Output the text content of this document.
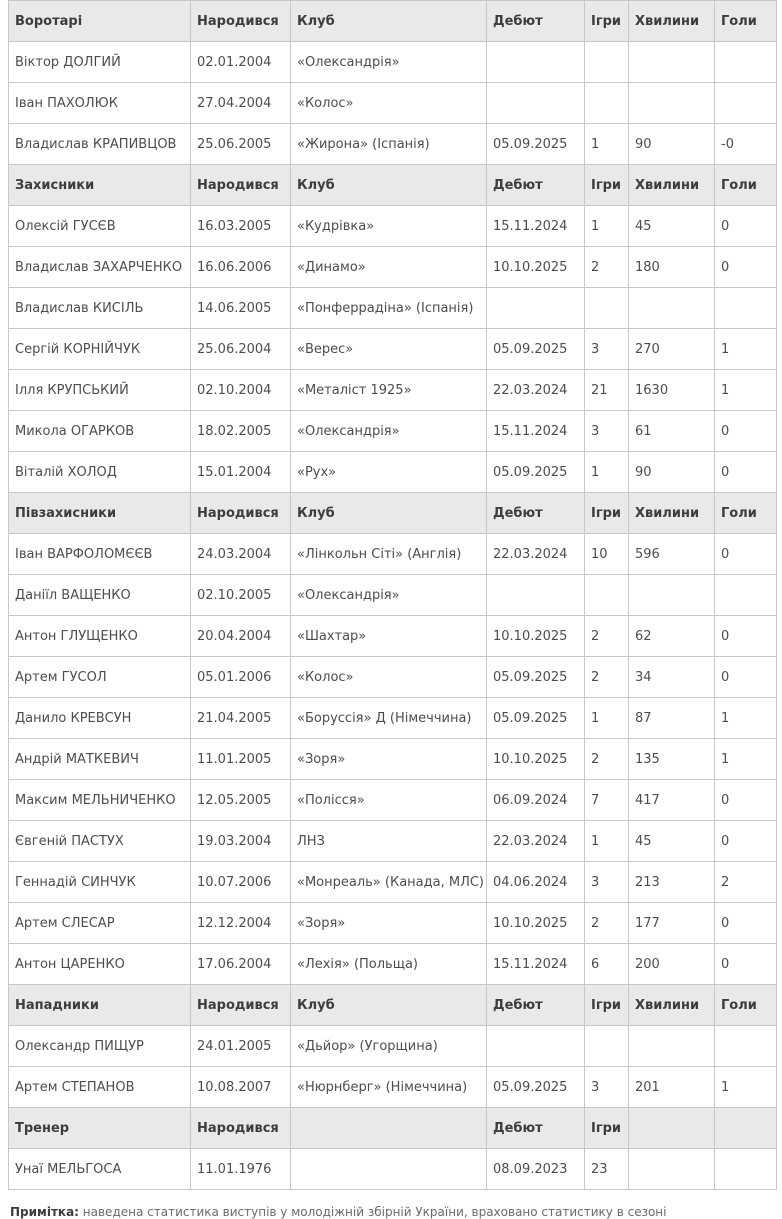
Воротарі	Народився	Клуб	Дебют	Ігри	Хвилини	Голи
Віктор ДОЛГИЙ	02.01.2004	«Олександрія»				
Іван ПАХОЛЮК	27.04.2004	«Колос»				
Владислав КРАПИВЦОВ	25.06.2005	«Жирона» (Іспанія)	05.09.2025	1	90	-0
Захисники	Народився	Клуб	Дебют	Ігри	Хвилини	Голи
Олексій ГУСЄВ	16.03.2005	«Кудрівка»	15.11.2024	1	45	0
Владислав ЗАХАРЧЕНКО	16.06.2006	«Динамо»	10.10.2025	2	180	0
Владислав КИСІЛЬ	14.06.2005	«Понферрадіна» (Іспанія)				
Сергій КОРНІЙЧУК	25.06.2004	«Верес»	05.09.2025	3	270	1
Ілля КРУПСЬКИЙ	02.10.2004	«Металіст 1925»	22.03.2024	21	1630	1
Микола ОГАРКОВ	18.02.2005	«Олександрія»	15.11.2024	3	61	0
Віталій ХОЛОД	15.01.2004	«Рух»	05.09.2025	1	90	0
Півзахисники	Народився	Клуб	Дебют	Ігри	Хвилини	Голи
Іван ВАРФОЛОМЄЄВ	24.03.2004	«Лінкольн Сіті» (Англія)	22.03.2024	10	596	0
Даніїл ВАЩЕНКО	02.10.2005	«Олександрія»				
Антон ГЛУЩЕНКО	20.04.2004	«Шахтар»	10.10.2025	2	62	0
Артем ГУСОЛ	05.01.2006	«Колос»	05.09.2025	2	34	0
Данило КРЕВСУН	21.04.2005	«Боруссія» Д (Німеччина)	05.09.2025	1	87	1
Андрій МАТКЕВИЧ	11.01.2005	«Зоря»	10.10.2025	2	135	1
Максим МЕЛЬНИЧЕНКО	12.05.2005	«Полісся»	06.09.2024	7	417	0
Євгеній ПАСТУХ	19.03.2004	ЛНЗ	22.03.2024	1	45	0
Геннадій СИНЧУК	10.07.2006	«Монреаль» (Канада, МЛС)	04.06.2024	3	213	2
Артем СЛЕСАР	12.12.2004	«Зоря»	10.10.2025	2	177	0
Антон ЦАРЕНКО	17.06.2004	«Лехія» (Польща)	15.11.2024	6	200	0
Нападники	Народився	Клуб	Дебют	Ігри	Хвилини	Голи
Олександр ПИЩУР	24.01.2005	«Дьйор» (Угорщина)				
Артем СТЕПАНОВ	10.08.2007	«Нюрнберг» (Німеччина)	05.09.2025	3	201	1
Тренер	Народився		Дебют	Ігри		
Унаї МЕЛЬГОСА	11.01.1976		08.09.2023	23		
Примітка: наведена статистика виступів у молодіжній збірній України, враховано статистику в сезоні
